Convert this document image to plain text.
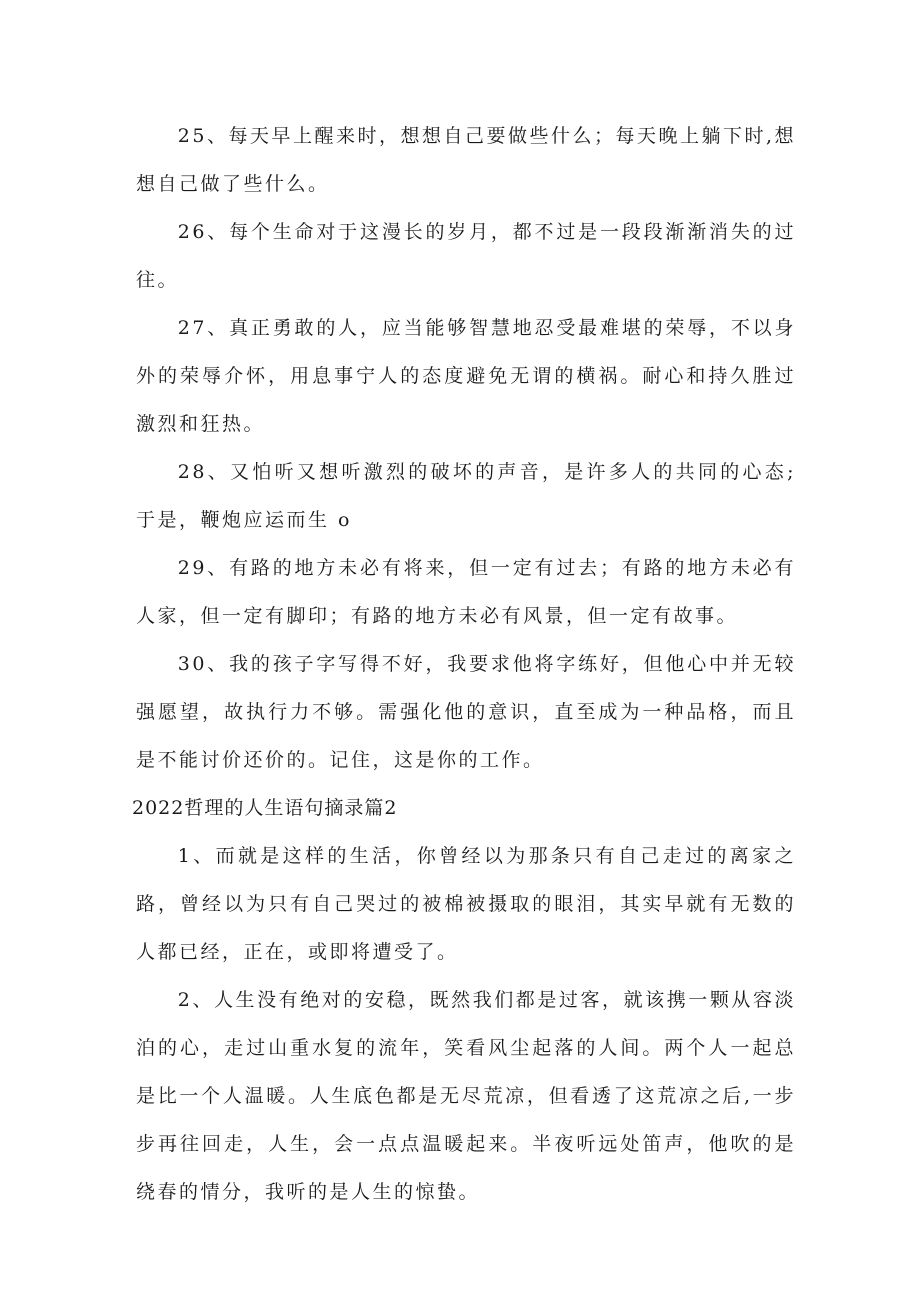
25、每天早上醒来时，想想自己要做些什么；每天晚上躺下时,想想自己做了些什么。

26、每个生命对于这漫长的岁月，都不过是一段段渐渐消失的过往。

27、真正勇敢的人，应当能够智慧地忍受最难堪的荣辱，不以身外的荣辱介怀，用息事宁人的态度避免无谓的横祸。耐心和持久胜过激烈和狂热。

28、又怕听又想听激烈的破坏的声音，是许多人的共同的心态;于是，鞭炮应运而生 o

29、有路的地方未必有将来，但一定有过去；有路的地方未必有人家，但一定有脚印；有路的地方未必有风景，但一定有故事。

30、我的孩子字写得不好，我要求他将字练好，但他心中并无较强愿望，故执行力不够。需强化他的意识，直至成为一种品格，而且是不能讨价还价的。记住，这是你的工作。

2022哲理的人生语句摘录篇2

1、而就是这样的生活，你曾经以为那条只有自己走过的离家之路，曾经以为只有自己哭过的被棉被摄取的眼泪，其实早就有无数的人都已经，正在，或即将遭受了。

2、人生没有绝对的安稳，既然我们都是过客，就该携一颗从容淡泊的心，走过山重水复的流年，笑看风尘起落的人间。两个人一起总是比一个人温暖。人生底色都是无尽荒凉，但看透了这荒凉之后,一步步再往回走，人生，会一点点温暖起来。半夜听远处笛声，他吹的是绕春的情分，我听的是人生的惊蛰。
